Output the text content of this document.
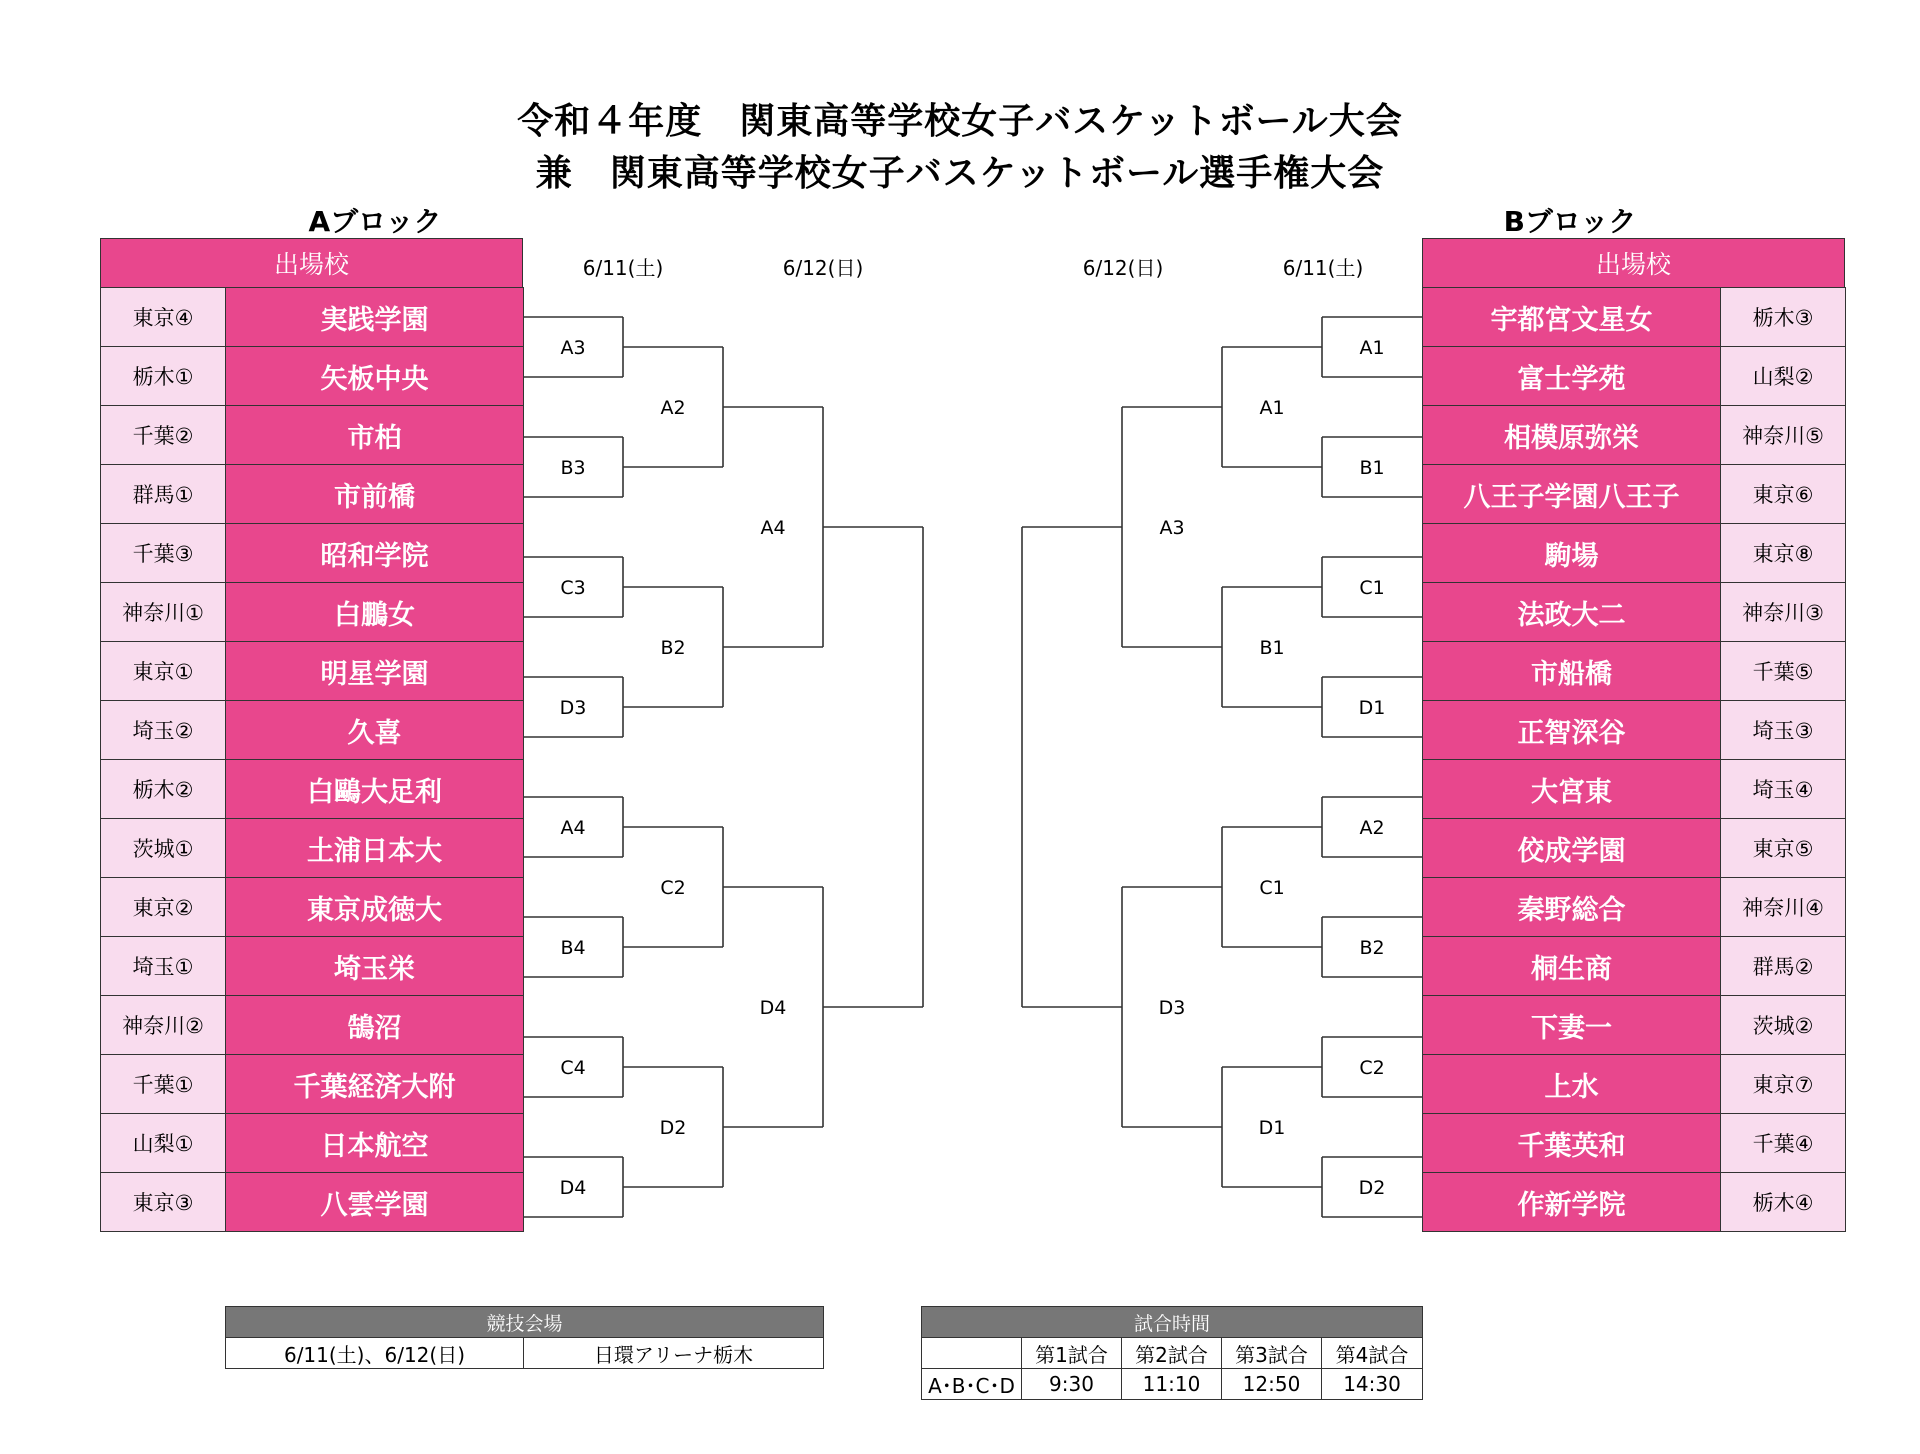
令和４年度　関東高等学校女子バスケットボール大会
兼　関東高等学校女子バスケットボール選手権大会
Aブロック
6/11(土)	6/12(日)
出場校
東京④	実践学園
栃木①	矢板中央
千葉②	市柏
群馬①	市前橋
千葉③	昭和学院
神奈川①	白鵬女
東京①	明星学園
埼玉②	久喜
栃木②	白鷗大足利
茨城①	土浦日本大
東京②	東京成徳大
埼玉①	埼玉栄
神奈川②	鵠沼
千葉①	千葉経済大附
山梨①	日本航空
東京③	八雲学園
Bブロック
6/12(日)	6/11(土)	出場校
宇都宮文星女	栃木③
富士学苑	山梨②
相模原弥栄	神奈川⑤
八王子学園八王子	東京⑥
駒場	東京⑧
法政大二	神奈川③
市船橋	千葉⑤
正智深谷	埼玉③
大宮東	埼玉④
佼成学園	東京⑤
秦野総合	神奈川④
桐生商	群馬②
下妻一	茨城②
上水	東京⑦
千葉英和	千葉④
作新学院	栃木④
A3
B3
C3
D3
A4
B4
C4
D4
A2
B2
C2
D2
A4
D4
A1
B1
C1
D1
A2
B2
C2
D2
A1
B1
C1
D1
A3
D3
競技会場
6/11(土)、6/12(日)	日環アリーナ栃木
試合時間				
	第1試合	第2試合	第3試合	第4試合
A･B･C･D	9:30	11:10	12:50	14:30
